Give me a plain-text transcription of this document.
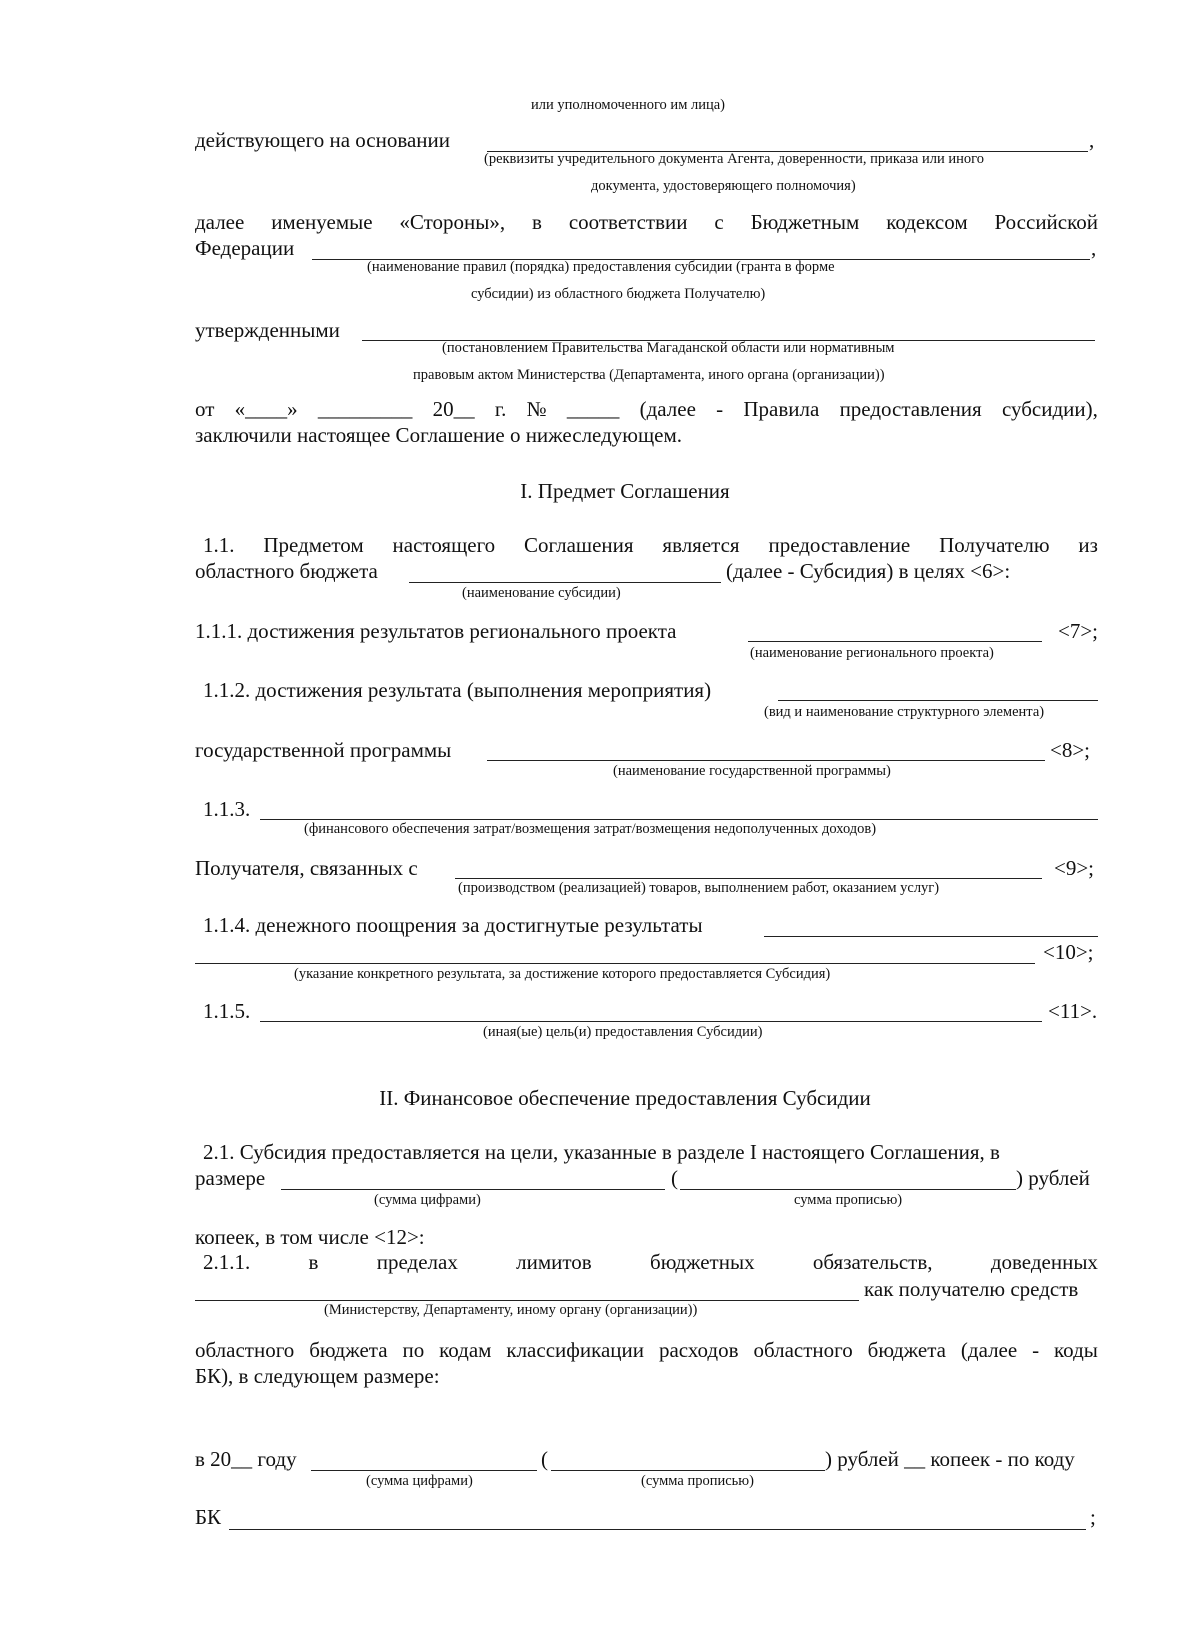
или уполномоченного им лица)
действующего на основании	,
(реквизиты учредительного документа Агента, доверенности, приказа или иного
документа, удостоверяющего полномочия)
далее именуемые «Стороны», в соответствии с Бюджетным кодексом Российской
Федерации	,
(наименование правил (порядка) предоставления субсидии (гранта в форме
субсидии) из областного бюджета Получателю)
утвержденными
(постановлением Правительства Магаданской области или нормативным
правовым актом Министерства (Департамента, иного органа (организации))
от «____» _________ 20__ г. № _____ (далее - Правила предоставления субсидии),
заключили настоящее Соглашение о нижеследующем.
I. Предмет Соглашения
1.1. Предметом настоящего Соглашения является предоставление Получателю из
областного бюджета	(далее - Субсидия) в целях <6>:
(наименование субсидии)
1.1.1. достижения результатов регионального проекта	<7>;
(наименование регионального проекта)
1.1.2. достижения результата (выполнения мероприятия)
(вид и наименование структурного элемента)
государственной программы	<8>;
(наименование государственной программы)
1.1.3.
(финансового обеспечения затрат/возмещения затрат/возмещения недополученных доходов)
Получателя, связанных с	<9>;
(производством (реализацией) товаров, выполнением работ, оказанием услуг)
1.1.4. денежного поощрения за достигнутые результаты
<10>;
(указание конкретного результата, за достижение которого предоставляется Субсидия)
1.1.5.	<11>.
(иная(ые) цель(и) предоставления Субсидии)
II. Финансовое обеспечение предоставления Субсидии
2.1. Субсидия предоставляется на цели, указанные в разделе I настоящего Соглашения, в
размере	(	) рублей
(сумма цифрами)	сумма прописью)
копеек, в том числе <12>:
2.1.1.	в	пределах	лимитов	бюджетных	обязательств,	доведенных
как получателю средств
(Министерству, Департаменту, иному органу (организации))
областного бюджета по кодам классификации расходов областного бюджета (далее - коды
БК), в следующем размере:
в 20__ году	(	) рублей __ копеек - по коду
(сумма цифрами)	(сумма прописью)
БК	;
